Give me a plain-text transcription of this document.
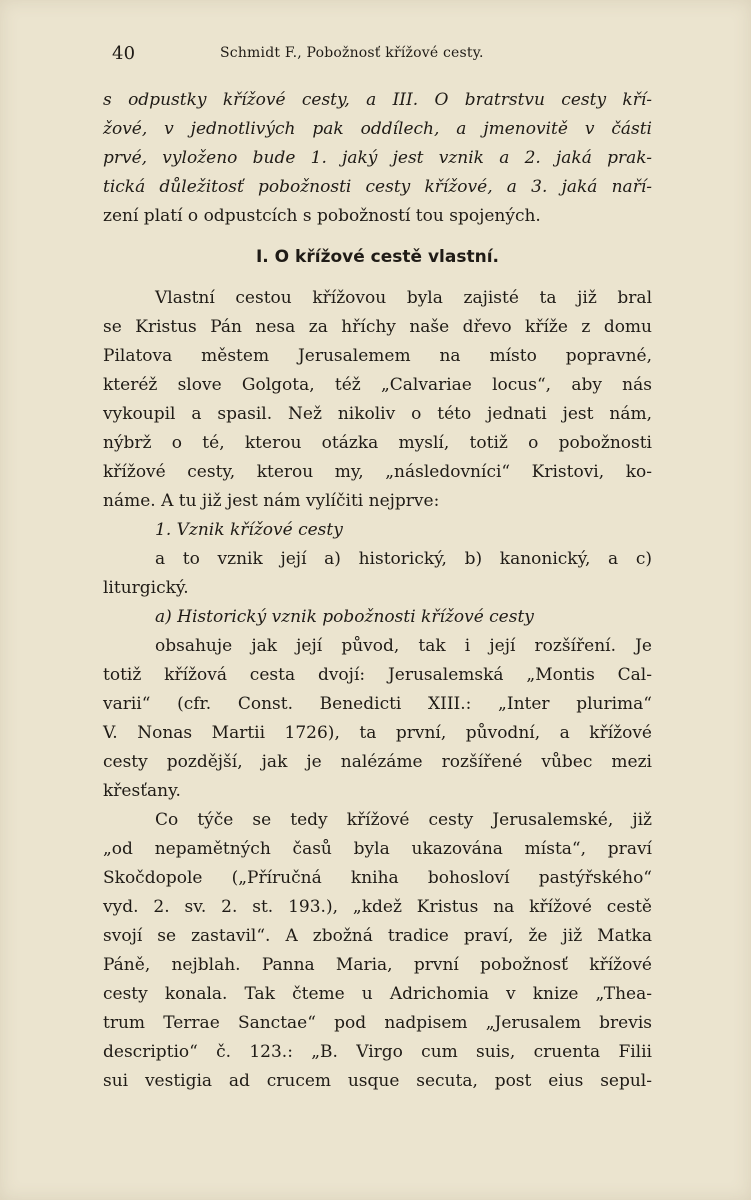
40	Schmidt F., Pobožnosť křížové cesty.
s odpustky křížové cesty, a III. O bratrstvu cesty kří-
žové, v jednotlivých pak oddílech, a jmenovitě v části
prvé, vyloženo bude 1. jaký jest vznik a 2. jaká prak-
tická důležitosť pobožnosti cesty křížové, a 3. jaká naří-
zení platí o odpustcích s pobožností tou spojených.
I. O křížové cestě vlastní.
Vlastní cestou křížovou byla zajisté ta již bral
se Kristus Pán nesa za hříchy naše dřevo kříže z domu
Pilatova městem Jerusalemem na místo popravné,
kteréž slove Golgota, též „Calvariae locus“, aby nás
vykoupil a spasil. Než nikoliv o této jednati jest nám,
nýbrž o té, kterou otázka myslí, totiž o pobožnosti
křížové cesty, kterou my, „následovníci“ Kristovi, ko-
náme. A tu již jest nám vylíčiti nejprve:
1. Vznik křížové cesty
a to vznik její a) historický, b) kanonický, a c)
liturgický.
a) Historický vznik pobožnosti křížové cesty
obsahuje jak její původ, tak i její rozšíření. Je
totiž křížová cesta dvojí: Jerusalemská „Montis Cal-
varii“ (cfr. Const. Benedicti XIII.: „Inter plurima“
V. Nonas Martii 1726), ta první, původní, a křížové
cesty pozdější, jak je nalézáme rozšířené vůbec mezi
křesťany.
Co týče se tedy křížové cesty Jerusalemské, již
„od nepamětných časů byla ukazována místa“, praví
Skočdopole („Příručná kniha bohosloví pastýřského“
vyd. 2. sv. 2. st. 193.), „kdež Kristus na křížové cestě
svojí se zastavil“. A zbožná tradice praví, že již Matka
Páně, nejblah. Panna Maria, první pobožnosť křížové
cesty konala. Tak čteme u Adrichomia v knize „Thea-
trum Terrae Sanctae“ pod nadpisem „Jerusalem brevis
descriptio“ č. 123.: „B. Virgo cum suis, cruenta Filii
sui vestigia ad crucem usque secuta, post eius sepul-
